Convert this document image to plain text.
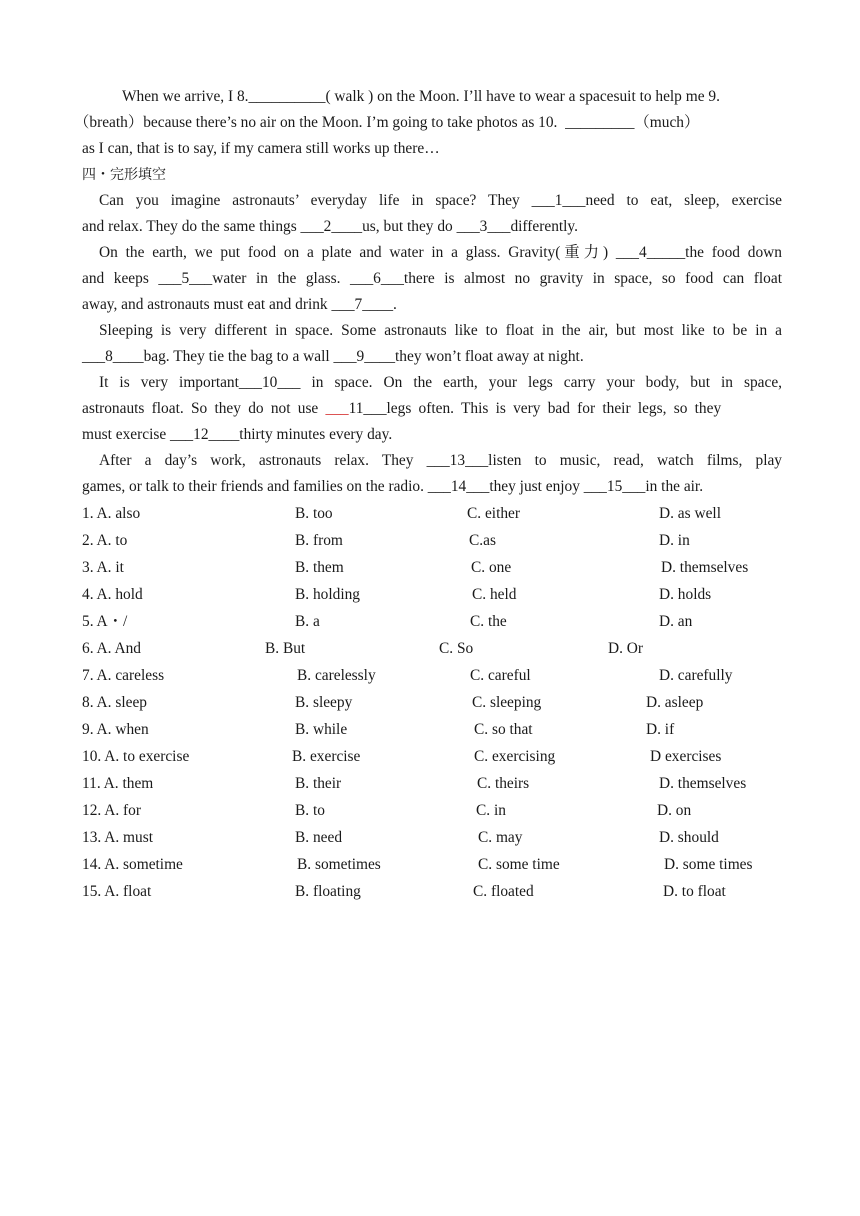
When we arrive, I 8.__________( walk ) on the Moon. I’ll have to wear a spacesuit to help me 9.
（breath）because there’s no air on the Moon. I’m going to take photos as 10. _________（much）
as I can, that is to say, if my camera still works up there…
四・完形填空
Can you imagine astronauts’ everyday life in space? They ___1___need to eat, sleep, exercise
and relax. They do the same things ___2____us, but they do ___3___differently.
On the earth, we put food on a plate and water in a glass. Gravity(重力) ___4_____the food down
and keeps ___5___water in the glass. ___6___there is almost no gravity in space, so food can float
away, and astronauts must eat and drink ___7____.
Sleeping is very different in space. Some astronauts like to float in the air, but most like to be in a
___8____bag. They tie the bag to a wall ___9____they won’t float away at night.
It is very important___10___ in space. On the earth, your legs carry your body, but in space,
astronauts float. So they do not use ___11___legs often. This is very bad for their legs, so they
must exercise ___12____thirty minutes every day.
After a day’s work, astronauts relax. They ___13___listen to music, read, watch films, play
games, or talk to their friends and families on the radio. ___14___they just enjoy ___15___in the air.
1. A. also	B. too	C. either	D. as well
2. A. to	B. from	C.as	D. in
3. A. it	B. them	C. one	D. themselves
4. A. hold	B. holding	C. held	D. holds
5. A・/	B. a	C. the	D. an
6. A. And	B. But	C. So	D. Or
7. A. careless	B. carelessly	C. careful	D. carefully
8. A. sleep	B. sleepy	C. sleeping	D. asleep
9. A. when	B. while	C. so that	D. if
10. A. to exercise	B. exercise	C. exercising	D exercises
11. A. them	B. their	C. theirs	D. themselves
12. A. for	B. to	C. in	D. on
13. A. must	B. need	C. may	D. should
14. A. sometime	B. sometimes	C. some time	D. some times
15. A. float	B. floating	C. floated	D. to float
